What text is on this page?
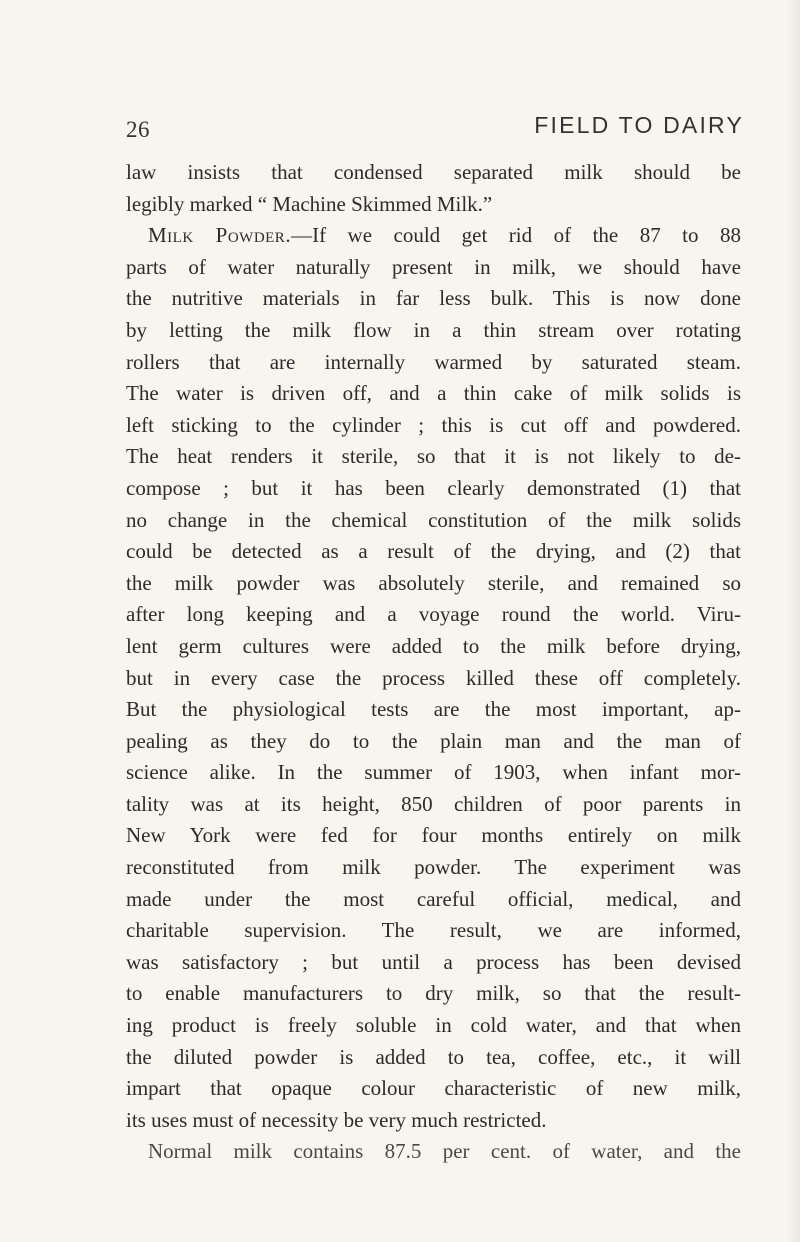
26	FIELD TO DAIRY
law insists that condensed separated milk should be
legibly marked “ Machine Skimmed Milk.”
Milk Powder.—If we could get rid of the 87 to 88
parts of water naturally present in milk, we should have
the nutritive materials in far less bulk. This is now done
by letting the milk flow in a thin stream over rotating
rollers that are internally warmed by saturated steam.
The water is driven off, and a thin cake of milk solids is
left sticking to the cylinder ; this is cut off and powdered.
The heat renders it sterile, so that it is not likely to de-
compose ; but it has been clearly demonstrated (1) that
no change in the chemical constitution of the milk solids
could be detected as a result of the drying, and (2) that
the milk powder was absolutely sterile, and remained so
after long keeping and a voyage round the world. Viru-
lent germ cultures were added to the milk before drying,
but in every case the process killed these off completely.
But the physiological tests are the most important, ap-
pealing as they do to the plain man and the man of
science alike. In the summer of 1903, when infant mor-
tality was at its height, 850 children of poor parents in
New York were fed for four months entirely on milk
reconstituted from milk powder. The experiment was
made under the most careful official, medical, and
charitable supervision. The result, we are informed,
was satisfactory ; but until a process has been devised
to enable manufacturers to dry milk, so that the result-
ing product is freely soluble in cold water, and that when
the diluted powder is added to tea, coffee, etc., it will
impart that opaque colour characteristic of new milk,
its uses must of necessity be very much restricted.
Normal milk contains 87.5 per cent. of water, and the
